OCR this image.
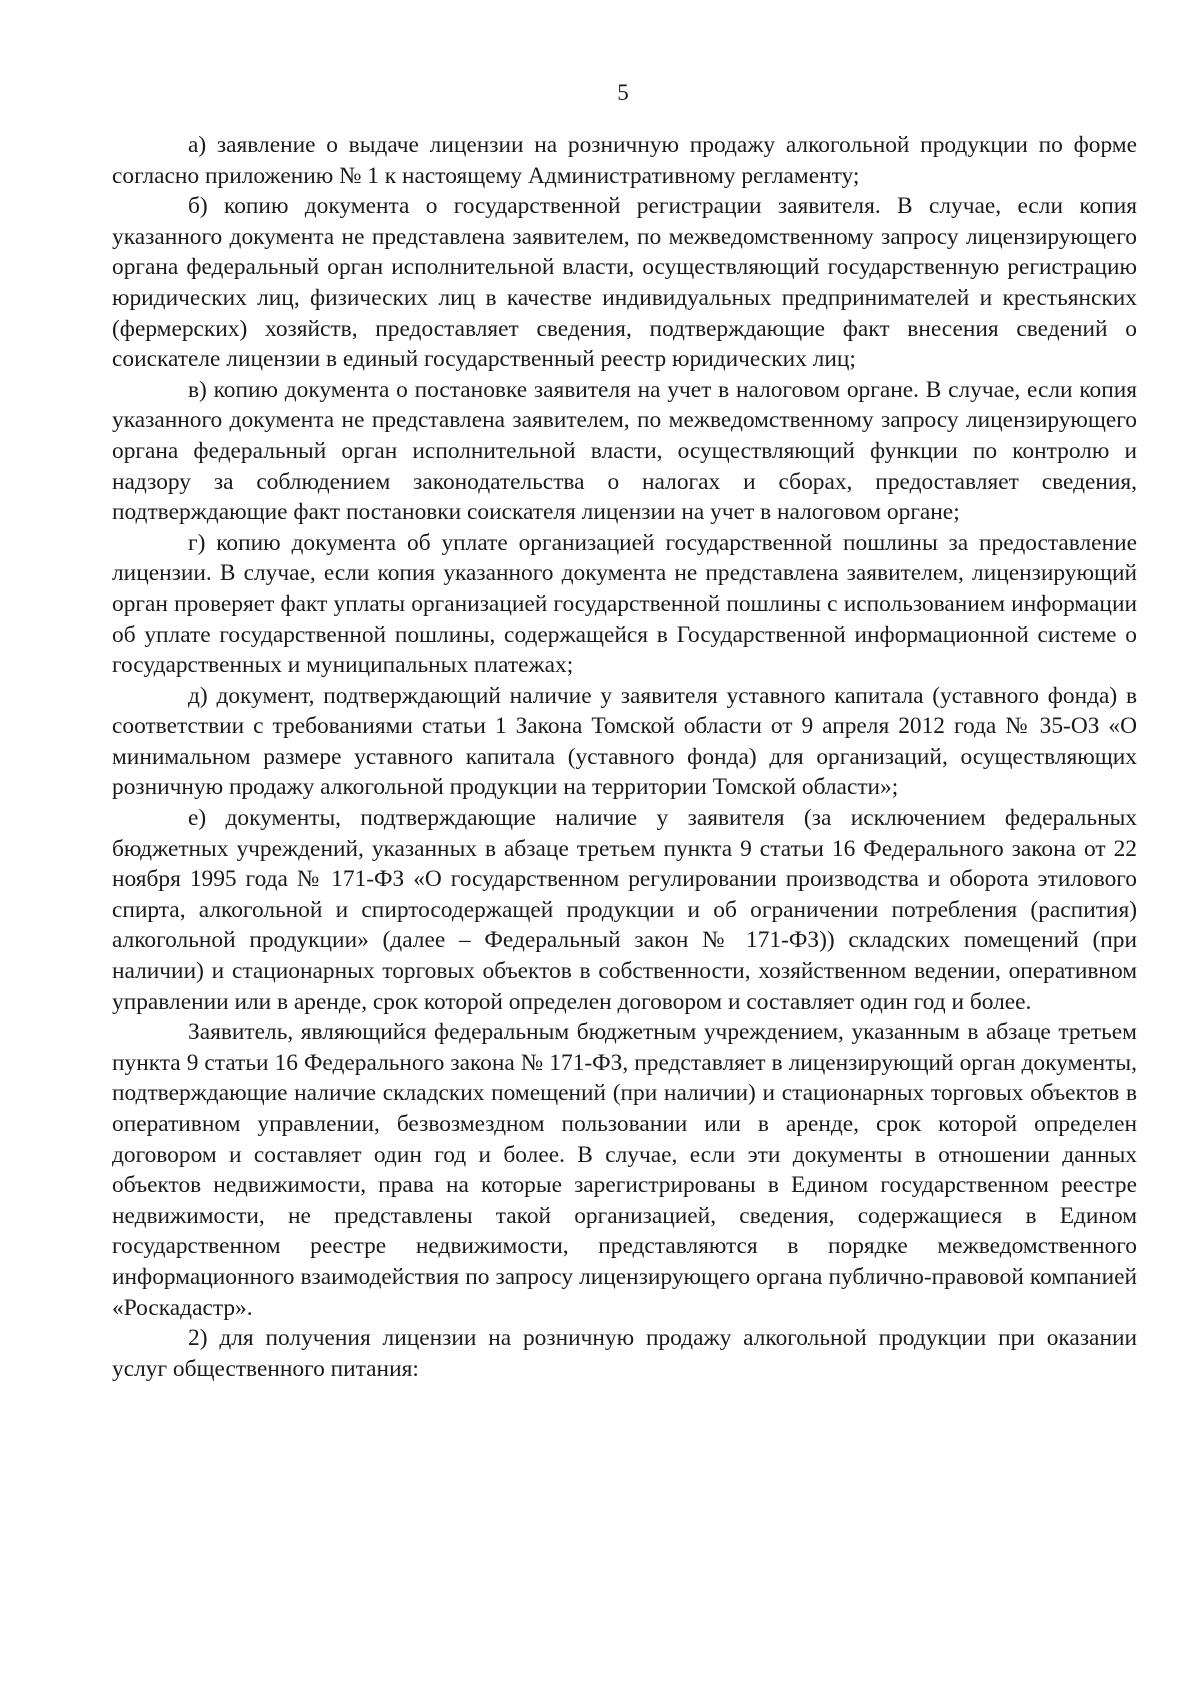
5

а) заявление о выдаче лицензии на розничную продажу алкогольной продукции по форме согласно приложению № 1 к настоящему Административному регламенту;

б) копию документа о государственной регистрации заявителя. В случае, если копия указанного документа не представлена заявителем, по межведомственному запросу лицензирующего органа федеральный орган исполнительной власти, осуществляющий государственную регистрацию юридических лиц, физических лиц в качестве индивидуальных предпринимателей и крестьянских (фермерских) хозяйств, предоставляет сведения, подтверждающие факт внесения сведений о соискателе лицензии в единый государственный реестр юридических лиц;

в) копию документа о постановке заявителя на учет в налоговом органе. В случае, если копия указанного документа не представлена заявителем, по межведомственному запросу лицензирующего органа федеральный орган исполнительной власти, осуществляющий функции по контролю и надзору за соблюдением законодательства о налогах и сборах, предоставляет сведения, подтверждающие факт постановки соискателя лицензии на учет в налоговом органе;

г) копию документа об уплате организацией государственной пошлины за предоставление лицензии. В случае, если копия указанного документа не представлена заявителем, лицензирующий орган проверяет факт уплаты организацией государственной пошлины с использованием информации об уплате государственной пошлины, содержащейся в Государственной информационной системе о государственных и муниципальных платежах;

д) документ, подтверждающий наличие у заявителя уставного капитала (уставного фонда) в соответствии с требованиями статьи 1 Закона Томской области от 9 апреля 2012 года № 35-ОЗ «О минимальном размере уставного капитала (уставного фонда) для организаций, осуществляющих розничную продажу алкогольной продукции на территории Томской области»;

е) документы, подтверждающие наличие у заявителя (за исключением федеральных бюджетных учреждений, указанных в абзаце третьем пункта 9 статьи 16 Федерального закона от 22 ноября 1995 года № 171-ФЗ «О государственном регулировании производства и оборота этилового спирта, алкогольной и спиртосодержащей продукции и об ограничении потребления (распития) алкогольной продукции» (далее – Федеральный закон № 171-ФЗ)) складских помещений (при наличии) и стационарных торговых объектов в собственности, хозяйственном ведении, оперативном управлении или в аренде, срок которой определен договором и составляет один год и более.

Заявитель, являющийся федеральным бюджетным учреждением, указанным в абзаце третьем пункта 9 статьи 16 Федерального закона № 171-ФЗ, представляет в лицензирующий орган документы, подтверждающие наличие складских помещений (при наличии) и стационарных торговых объектов в оперативном управлении, безвозмездном пользовании или в аренде, срок которой определен договором и составляет один год и более. В случае, если эти документы в отношении данных объектов недвижимости, права на которые зарегистрированы в Едином государственном реестре недвижимости, не представлены такой организацией, сведения, содержащиеся в Едином государственном реестре недвижимости, представляются в порядке межведомственного информационного взаимодействия по запросу лицензирующего органа публично-правовой компанией «Роскадастр».

2) для получения лицензии на розничную продажу алкогольной продукции при оказании услуг общественного питания:
